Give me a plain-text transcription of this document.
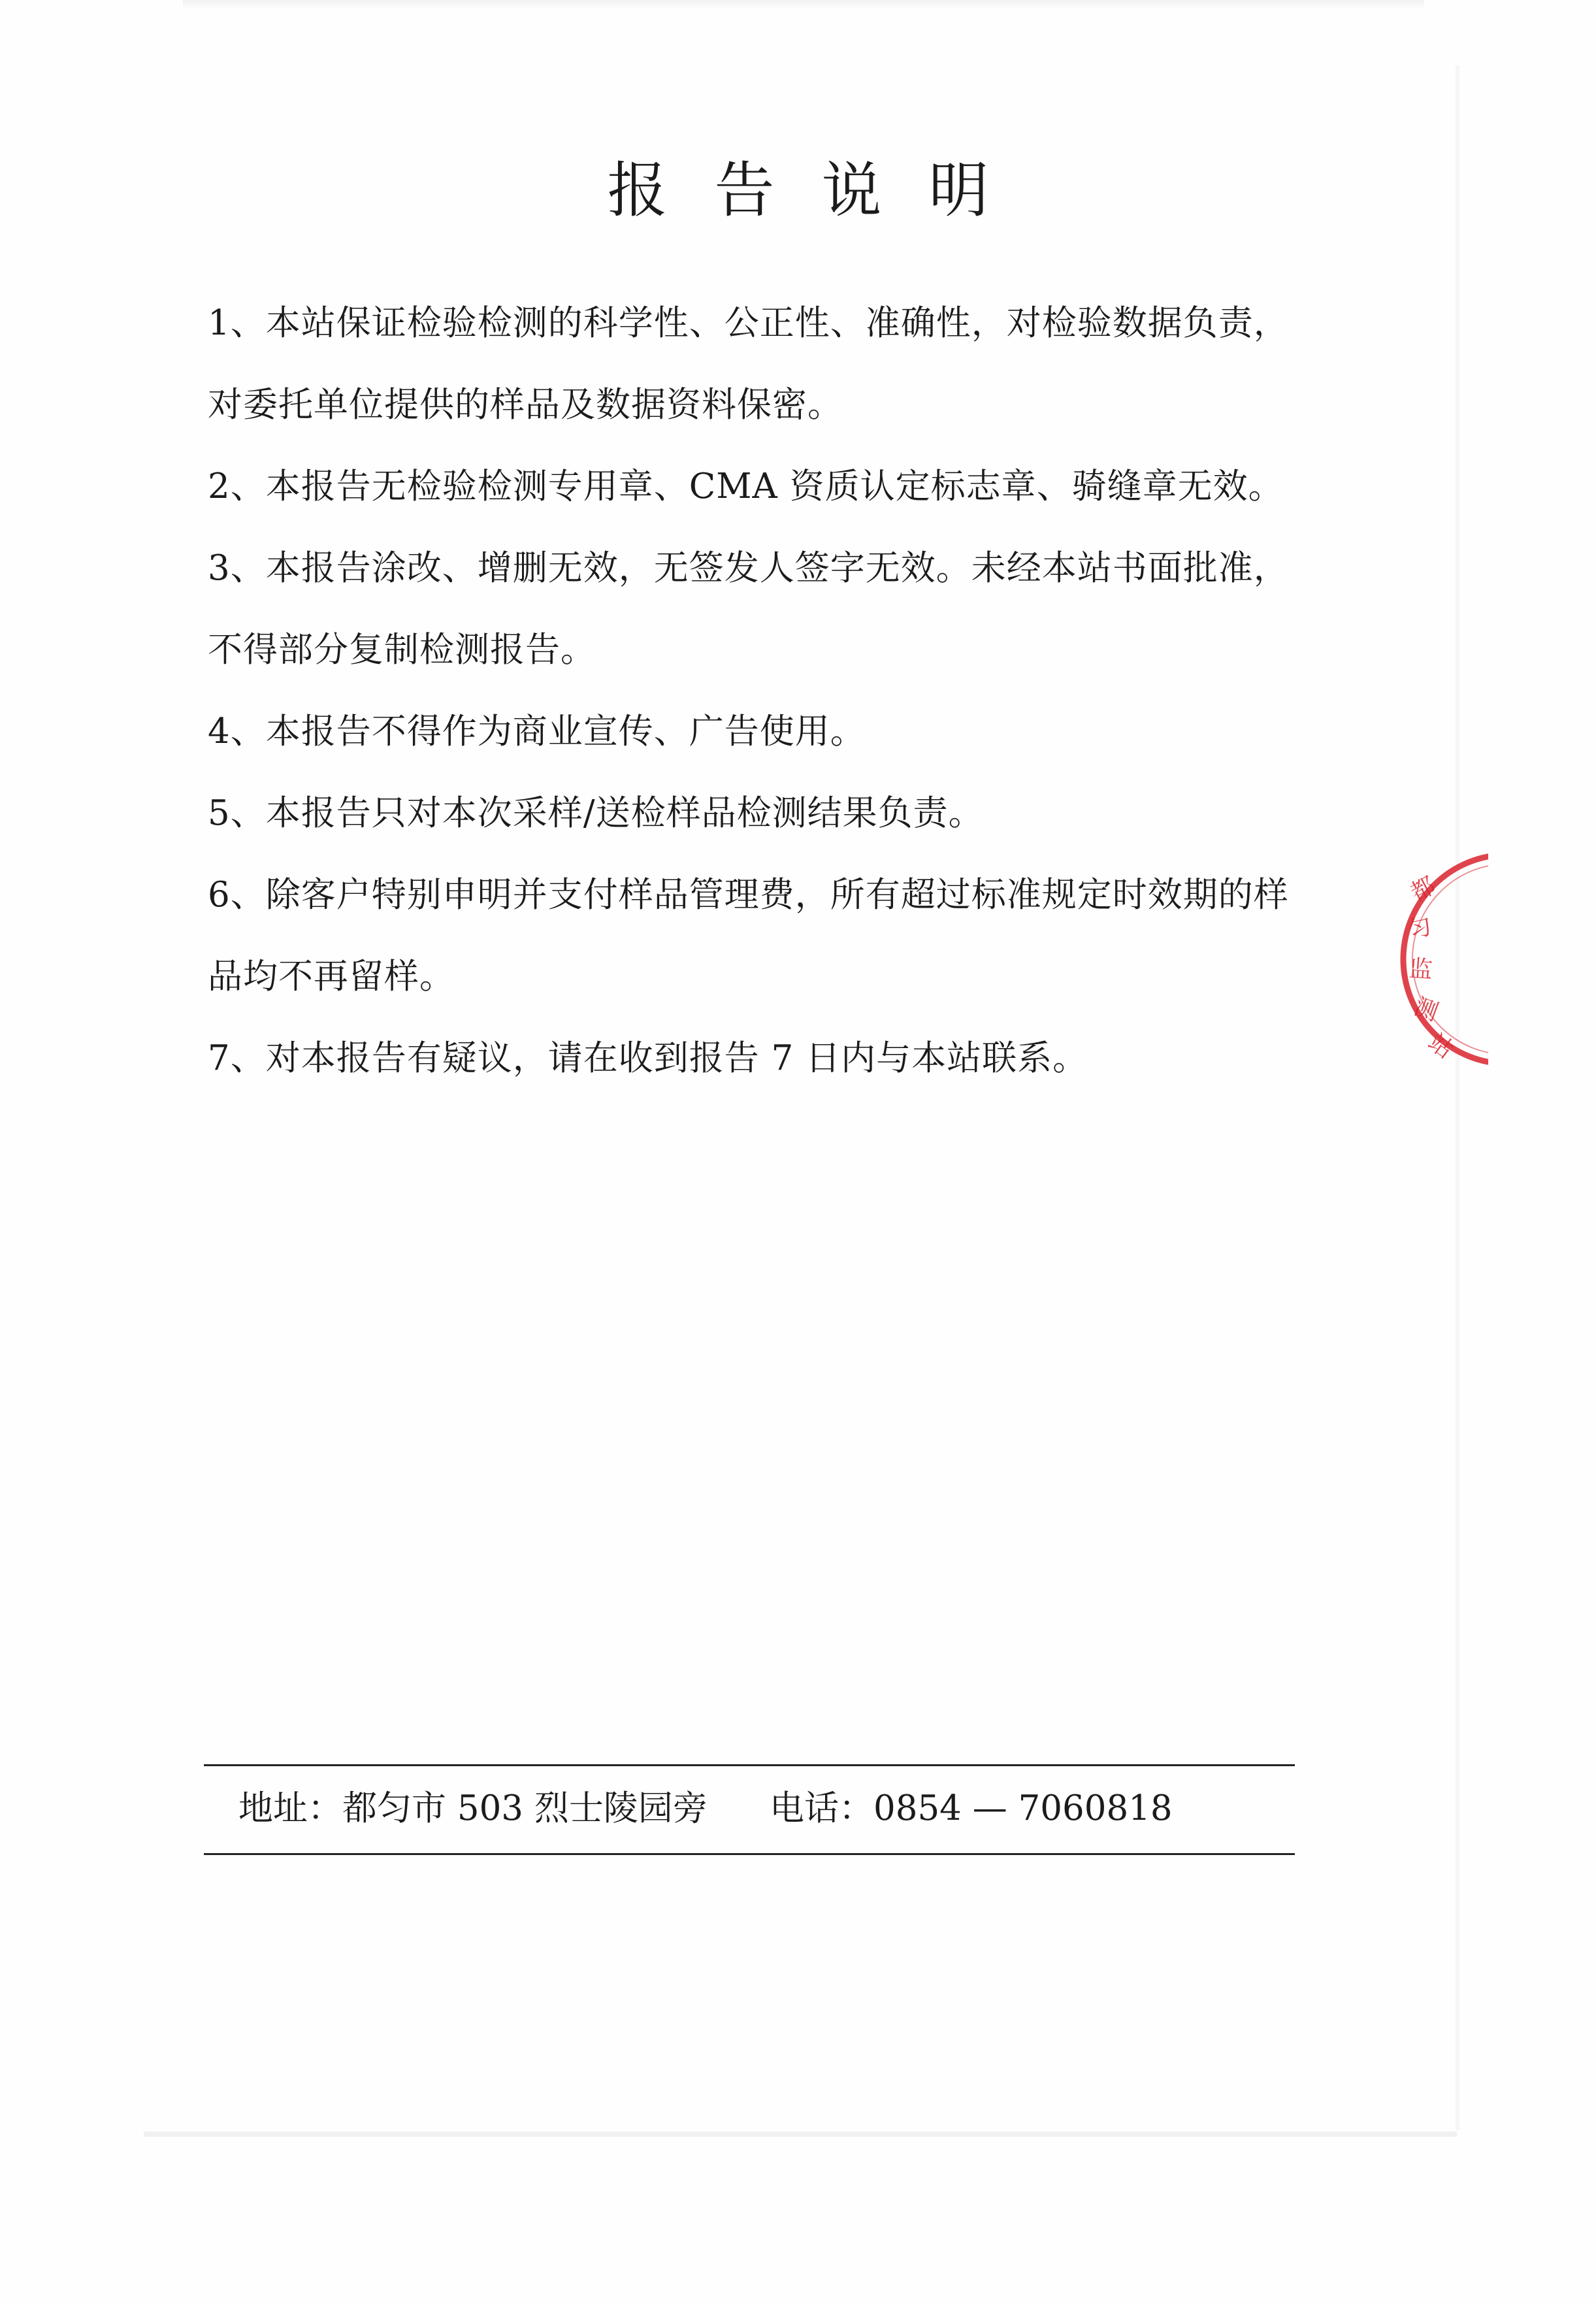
报告说明

1、本站保证检验检测的科学性、公正性、准确性，对检验数据负责，对委托单位提供的样品及数据资料保密。

2、本报告无检验检测专用章、CMA 资质认定标志章、骑缝章无效。

3、本报告涂改、增删无效，无签发人签字无效。未经本站书面批准，不得部分复制检测报告。

4、本报告不得作为商业宣传、广告使用。

5、本报告只对本次采样/送检样品检测结果负责。

6、除客户特别申明并支付样品管理费，所有超过标准规定时效期的样品均不再留样。

7、对本报告有疑议，请在收到报告 7 日内与本站联系。

都
匀
监
测
站
地址：都匀市 503 烈士陵园旁 电话：0854 — 7060818
